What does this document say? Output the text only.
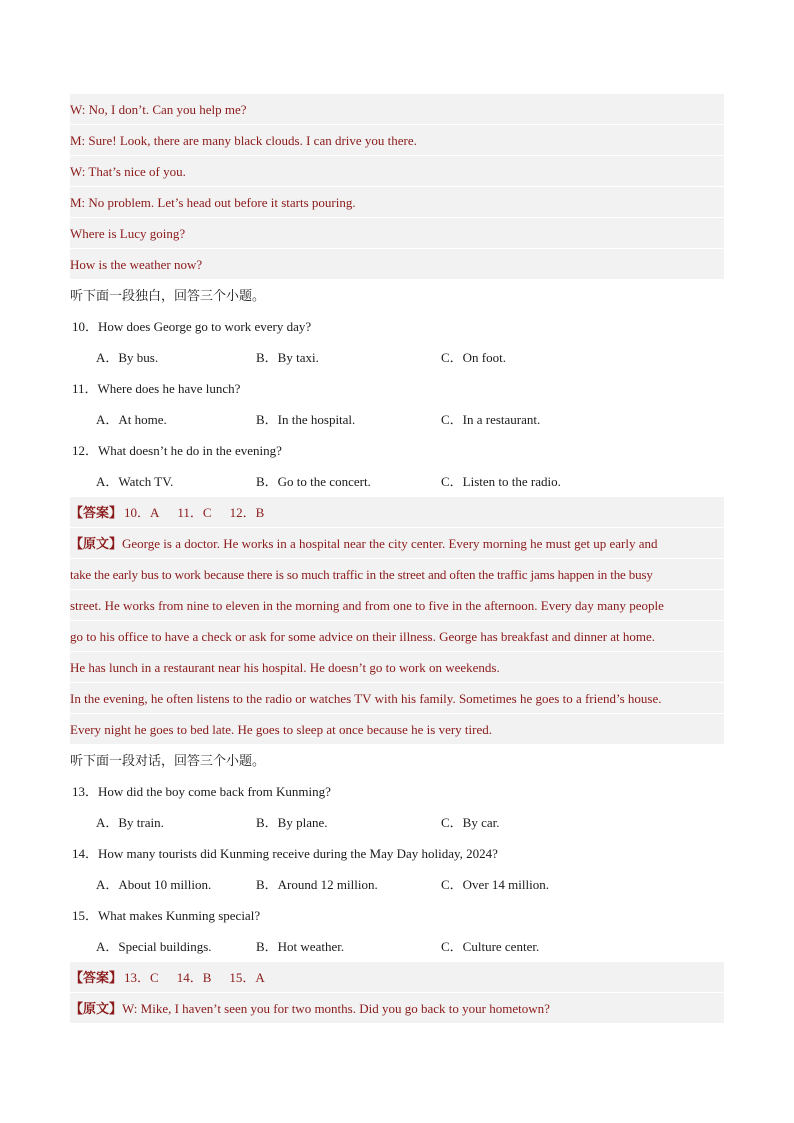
W: No, I don’t. Can you help me?
M: Sure! Look, there are many black clouds. I can drive you there.
W: That’s nice of you.
M: No problem. Let’s head out before it starts pouring.
Where is Lucy going?
How is the weather now?
听下面一段独白，回答三个小题。
10．How does George go to work every day?
A．By bus.	B．By taxi.	C．On foot.
11．Where does he have lunch?
A．At home.	B．In the hospital.	C．In a restaurant.
12．What doesn’t he do in the evening?
A．Watch TV.	B．Go to the concert.	C．Listen to the radio.
【答案】 10．A 11．C 12．B
【原文】George is a doctor. He works in a hospital near the city center. Every morning he must get up early and
take the early bus to work because there is so much traffic in the street and often the traffic jams happen in the busy
street. He works from nine to eleven in the morning and from one to five in the afternoon. Every day many people
go to his office to have a check or ask for some advice on their illness. George has breakfast and dinner at home.
He has lunch in a restaurant near his hospital. He doesn’t go to work on weekends.
In the evening, he often listens to the radio or watches TV with his family. Sometimes he goes to a friend’s house.
Every night he goes to bed late. He goes to sleep at once because he is very tired.
听下面一段对话，回答三个小题。
13．How did the boy come back from Kunming?
A．By train.	B．By plane.	C．By car.
14．How many tourists did Kunming receive during the May Day holiday, 2024?
A．About 10 million.	B．Around 12 million.	C．Over 14 million.
15．What makes Kunming special?
A．Special buildings.	B．Hot weather.	C．Culture center.
【答案】 13．C 14．B 15．A
【原文】W: Mike, I haven’t seen you for two months. Did you go back to your hometown?
